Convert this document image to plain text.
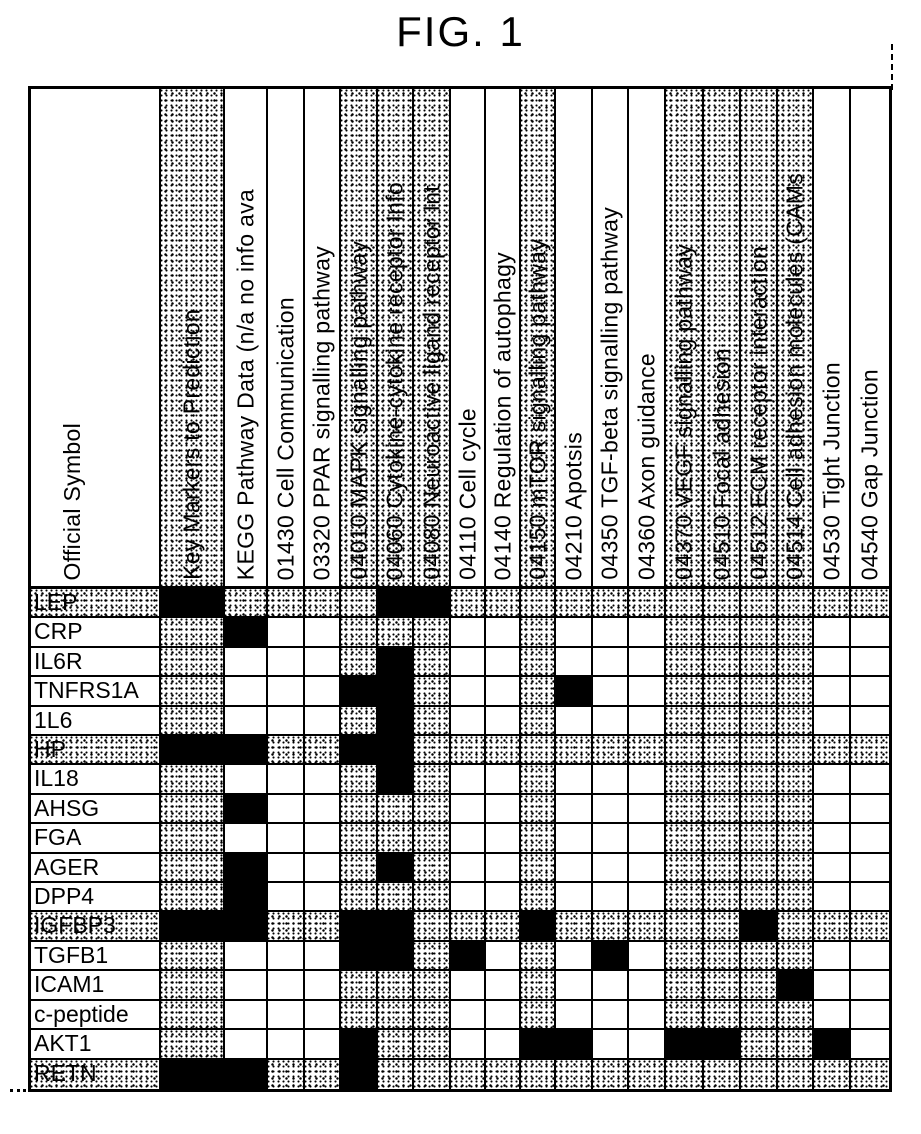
FIG. 1
Official Symbol	Key Markers to Prediction KEGG Pathway Data (n/a no info ava 01430 Cell Communication 03320 PPAR signalling pathway 04010 MAPK signalling pathway 04060 Cytokine-cytokine receptor Info 04080 Neuroactive ligand receptor Int 04110 Cell cycle 04140 Regulation of autophagy 04150 mTOR signalling pathway 04210 Apotsis 04350 TGF-beta signalling pathway 04360 Axon guidance 04370 VEGF signalling pathway 04510 Focal adhesion 04512 ECM receptor interaction 04514 Cell adhesion molecules (CAMs 04530 Tight Junction 04540 Gap Junction
LEP
CRP
IL6R
TNFRS1A
1L6
HP
IL18
AHSG
FGA
AGER
DPP4
IGFBP3
TGFB1
ICAM1
c-peptide
AKT1
RETN
